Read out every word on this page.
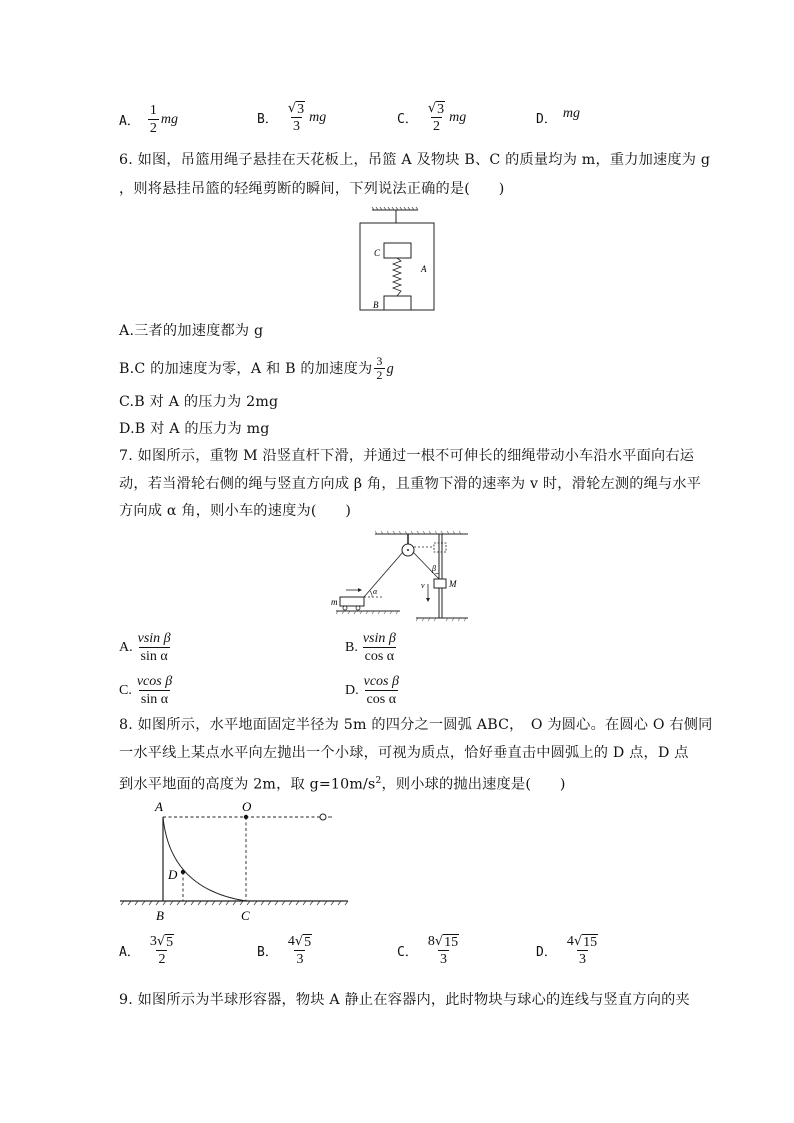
A． $\frac{1}{2}$ mg	B． $\frac{√ 3}{3}$ mg	C． $\frac{√ 3}{2}$ mg	D． mg
6. 如图，吊篮用绳子悬挂在天花板上，吊篮 A 及物块 B、C 的质量均为 m，重力加速度为 g
，则将悬挂吊篮的轻绳剪断的瞬间，下列说法正确的是(　　)
C
A
B
A.三者的加速度都为 g
B. C 的加速度为零，A 和 B 的加速度为 $\frac{3}{2}$ g
C.B 对 A 的压力为 2mg
D.B 对 A 的压力为 mg
7. 如图所示，重物 M 沿竖直杆下滑，并通过一根不可伸长的细绳带动小车沿水平面向右运
动，若当滑轮右侧的绳与竖直方向成 β 角，且重物下滑的速率为 v 时，滑轮左测的绳与水平
方向成 α 角，则小车的速度为(　　)
M
β
v
m
α
A. $\frac{\text{vsin β}}{\text{sin α}}$	B. $\frac{\text{vsin β}}{\text{cos α}}$
C. $\frac{\text{vcos β}}{\text{sin α}}$	D. $\frac{\text{vcos β}}{\text{cos α}}$
8. 如图所示，水平地面固定半径为 5m 的四分之一圆弧 ABC，　O 为圆心。在圆心 O 右侧同
一水平线上某点水平向左抛出一个小球，可视为质点，恰好垂直击中圆弧上的 D 点，D 点
到水平地面的高度为 2m，取 $g=10m/s^2$，则小球的抛出速度是(　　)
A	O
D
B	C
A． $\frac{3 √ 5}{2}$	B． $\frac{4 √ 5}{3}$	C． $\frac{8 √ 15}{3}$	D． $\frac{4 √ 15}{3}$
9. 如图所示为半球形容器，物块 A 静止在容器内，此时物块与球心的连线与竖直方向的夹
